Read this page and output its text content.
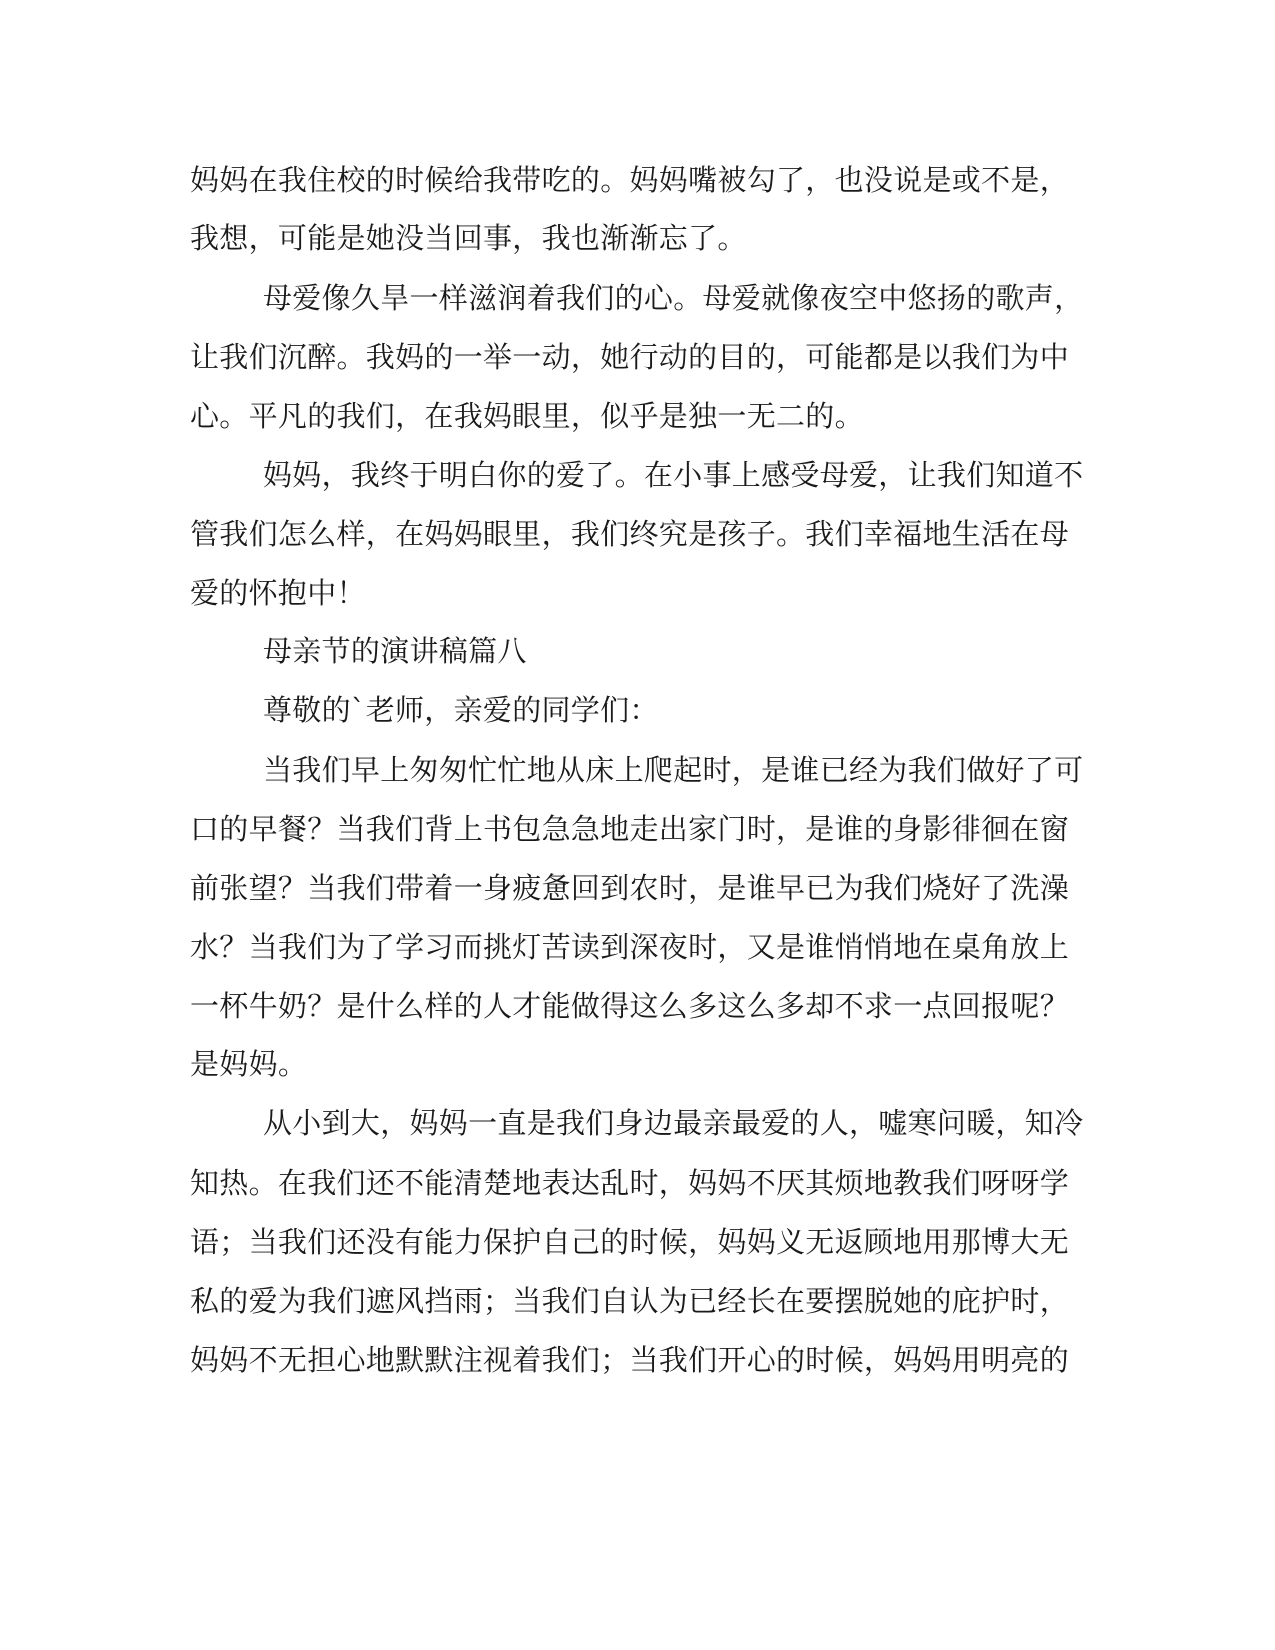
妈妈在我住校的时候给我带吃的。妈妈嘴被勾了，也没说是或不是，
我想，可能是她没当回事，我也渐渐忘了。
母爱像久旱一样滋润着我们的心。母爱就像夜空中悠扬的歌声，
让我们沉醉。我妈的一举一动，她行动的目的，可能都是以我们为中
心。平凡的我们，在我妈眼里，似乎是独一无二的。
妈妈，我终于明白你的爱了。在小事上感受母爱，让我们知道不
管我们怎么样，在妈妈眼里，我们终究是孩子。我们幸福地生活在母
爱的怀抱中！
母亲节的演讲稿篇八
尊敬的`老师，亲爱的同学们：
当我们早上匆匆忙忙地从床上爬起时，是谁已经为我们做好了可
口的早餐？当我们背上书包急急地走出家门时，是谁的身影徘徊在窗
前张望？当我们带着一身疲惫回到农时，是谁早已为我们烧好了洗澡
水？当我们为了学习而挑灯苦读到深夜时，又是谁悄悄地在桌角放上
一杯牛奶？是什么样的人才能做得这么多这么多却不求一点回报呢？
是妈妈。
从小到大，妈妈一直是我们身边最亲最爱的人，嘘寒问暖，知冷
知热。在我们还不能清楚地表达乱时，妈妈不厌其烦地教我们呀呀学
语；当我们还没有能力保护自己的时候，妈妈义无返顾地用那博大无
私的爱为我们遮风挡雨；当我们自认为已经长在要摆脱她的庇护时，
妈妈不无担心地默默注视着我们；当我们开心的时候，妈妈用明亮的
